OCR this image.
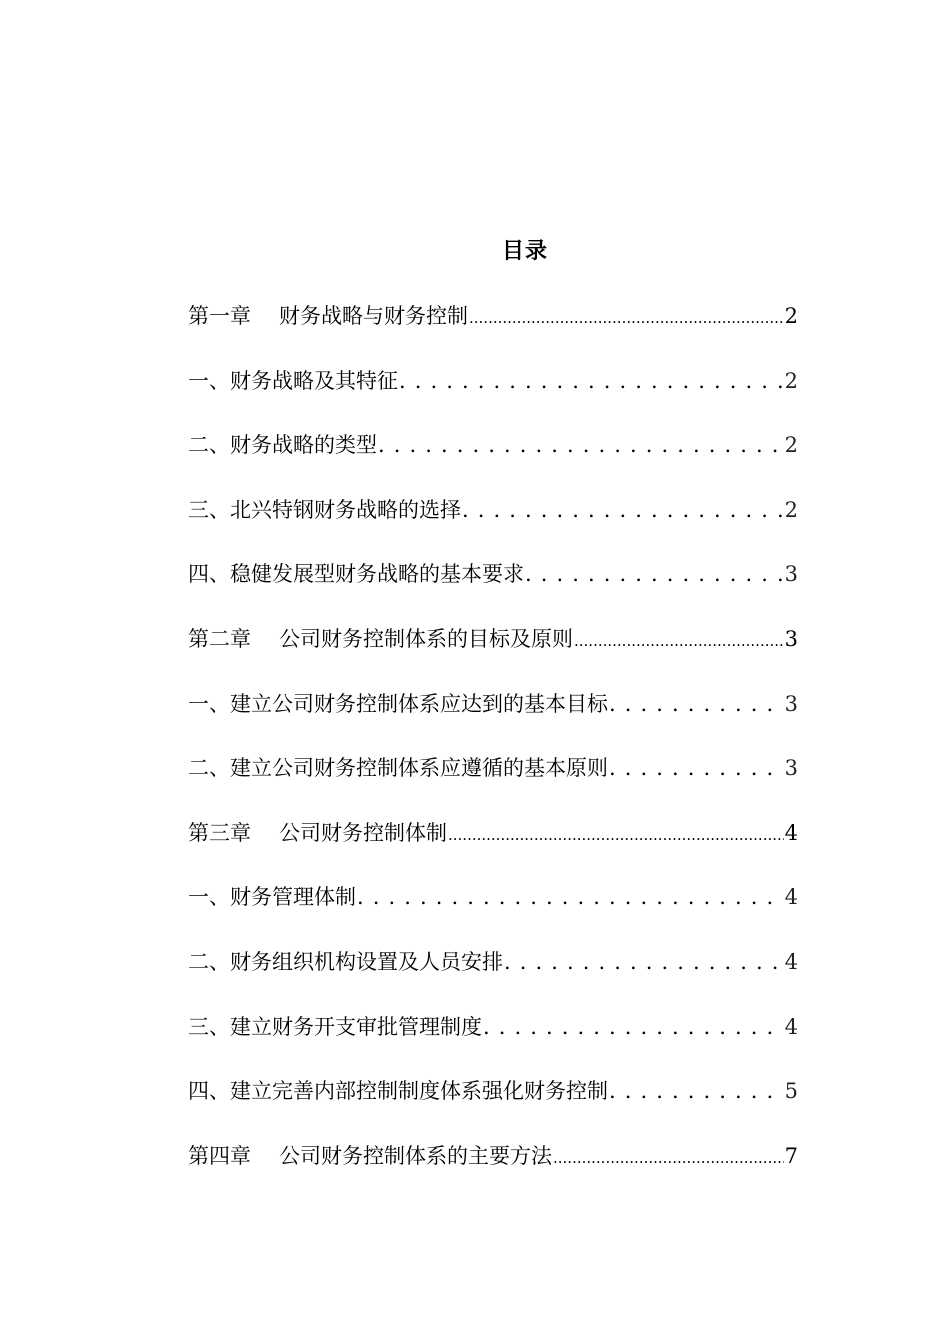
目录
第一章 财务战略与财务控制 .....	2
一、财务战略及其特征 . . .	2
二、财务战略的类型 . . .	2
三、北兴特钢财务战略的选择 . . .	2
四、稳健发展型财务战略的基本要求 . . .	3
第二章 公司财务控制体系的目标及原则 .....	3
一、建立公司财务控制体系应达到的基本目标 . . .	3
二、建立公司财务控制体系应遵循的基本原则 . . .	3
第三章 公司财务控制体制 .....	4
一、财务管理体制 . . .	4
二、财务组织机构设置及人员安排 . . .	4
三、建立财务开支审批管理制度 . . .	4
四、建立完善内部控制制度体系强化财务控制 . . .	5
第四章 公司财务控制体系的主要方法 .....	7
